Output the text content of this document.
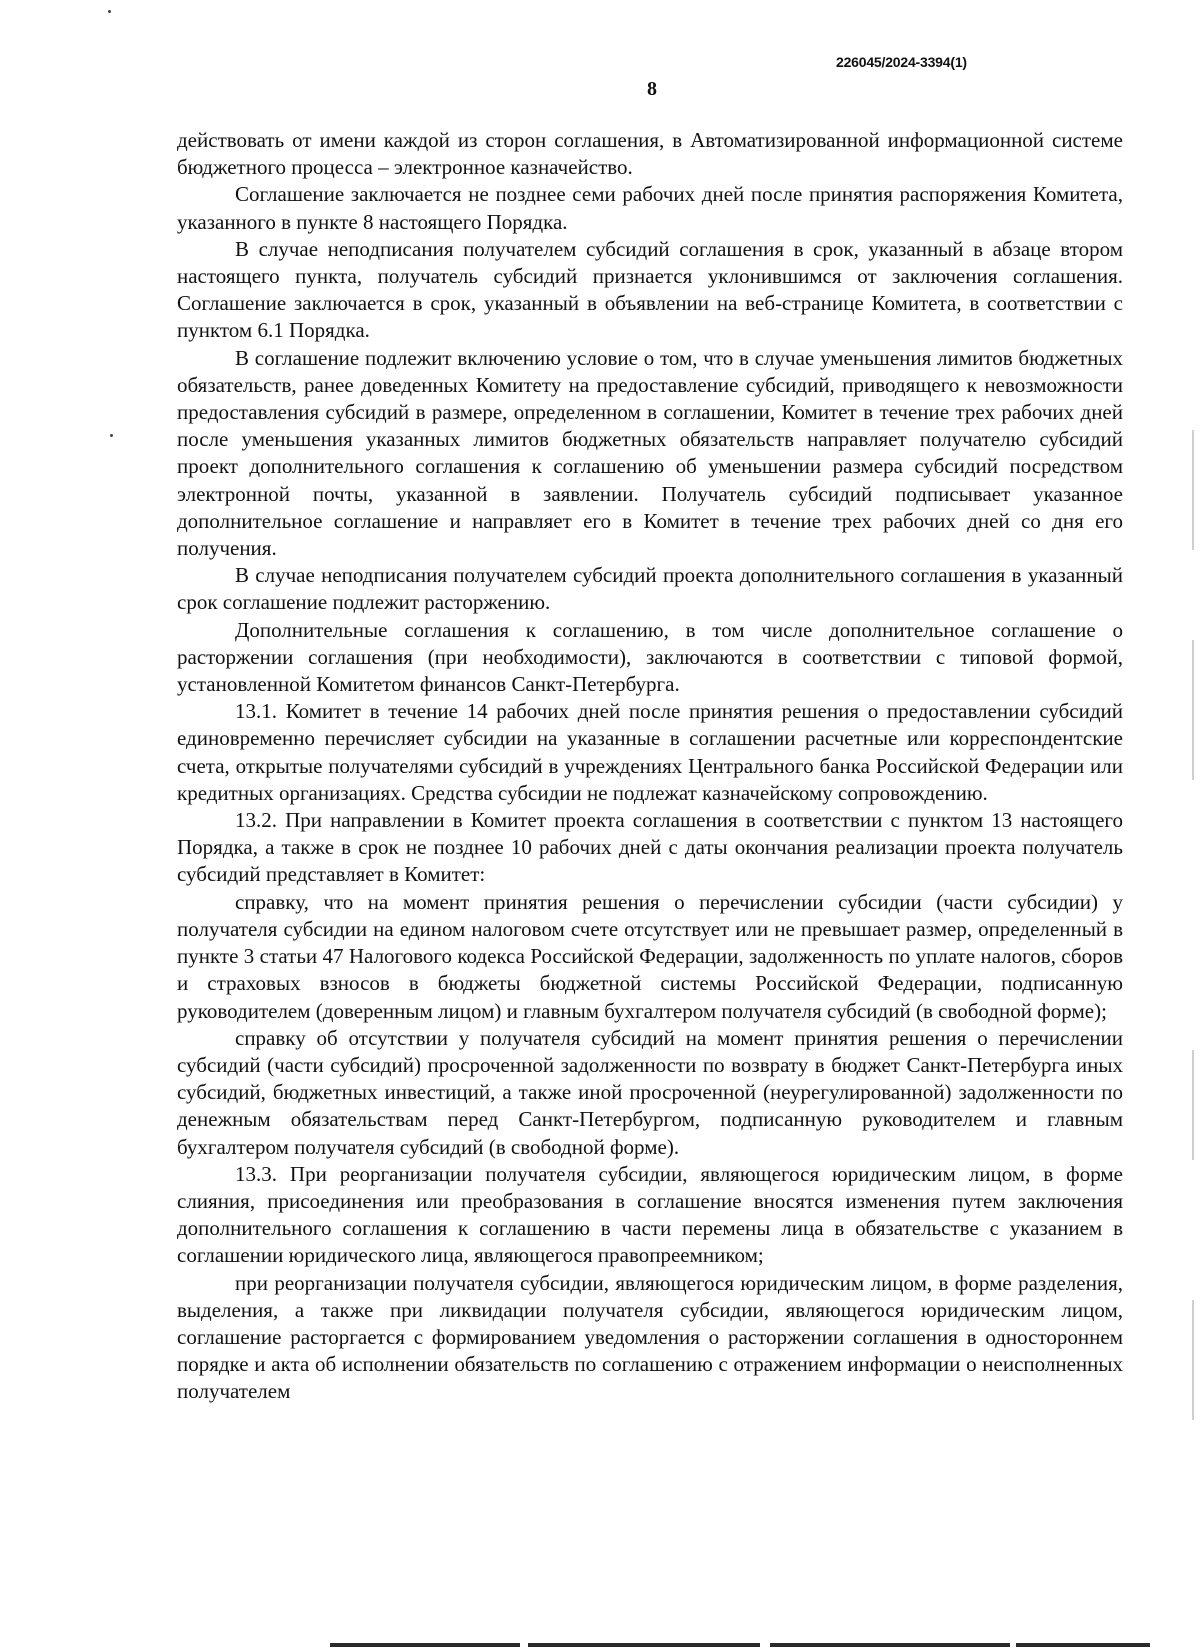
226045/2024-3394(1)
8

действовать от имени каждой из сторон соглашения, в Автоматизированной информационной системе бюджетного процесса – электронное казначейство.

Соглашение заключается не позднее семи рабочих дней после принятия распоряжения Комитета, указанного в пункте 8 настоящего Порядка.

В случае неподписания получателем субсидий соглашения в срок, указанный в абзаце втором настоящего пункта, получатель субсидий признается уклонившимся от заключения соглашения. Соглашение заключается в срок, указанный в объявлении на веб-странице Комитета, в соответствии с пунктом 6.1 Порядка.

В соглашение подлежит включению условие о том, что в случае уменьшения лимитов бюджетных обязательств, ранее доведенных Комитету на предоставление субсидий, приводящего к невозможности предоставления субсидий в размере, определенном в соглашении, Комитет в течение трех рабочих дней после уменьшения указанных лимитов бюджетных обязательств направляет получателю субсидий проект дополнительного соглашения к соглашению об уменьшении размера субсидий посредством электронной почты, указанной в заявлении. Получатель субсидий подписывает указанное дополнительное соглашение и направляет его в Комитет в течение трех рабочих дней со дня его получения.

В случае неподписания получателем субсидий проекта дополнительного соглашения в указанный срок соглашение подлежит расторжению.

Дополнительные соглашения к соглашению, в том числе дополнительное соглашение о расторжении соглашения (при необходимости), заключаются в соответствии с типовой формой, установленной Комитетом финансов Санкт-Петербурга.

13.1. Комитет в течение 14 рабочих дней после принятия решения о предоставлении субсидий единовременно перечисляет субсидии на указанные в соглашении расчетные или корреспондентские счета, открытые получателями субсидий в учреждениях Центрального банка Российской Федерации или кредитных организациях. Средства субсидии не подлежат казначейскому сопровождению.

13.2. При направлении в Комитет проекта соглашения в соответствии с пунктом 13 настоящего Порядка, а также в срок не позднее 10 рабочих дней с даты окончания реализации проекта получатель субсидий представляет в Комитет:

справку, что на момент принятия решения о перечислении субсидии (части субсидии) у получателя субсидии на едином налоговом счете отсутствует или не превышает размер, определенный в пункте 3 статьи 47 Налогового кодекса Российской Федерации, задолженность по уплате налогов, сборов и страховых взносов в бюджеты бюджетной системы Российской Федерации, подписанную руководителем (доверенным лицом) и главным бухгалтером получателя субсидий (в свободной форме);

справку об отсутствии у получателя субсидий на момент принятия решения о перечислении субсидий (части субсидий) просроченной задолженности по возврату в бюджет Санкт-Петербурга иных субсидий, бюджетных инвестиций, а также иной просроченной (неурегулированной) задолженности по денежным обязательствам перед Санкт-Петербургом, подписанную руководителем и главным бухгалтером получателя субсидий (в свободной форме).

13.3. При реорганизации получателя субсидии, являющегося юридическим лицом, в форме слияния, присоединения или преобразования в соглашение вносятся изменения путем заключения дополнительного соглашения к соглашению в части перемены лица в обязательстве с указанием в соглашении юридического лица, являющегося правопреемником;

при реорганизации получателя субсидии, являющегося юридическим лицом, в форме разделения, выделения, а также при ликвидации получателя субсидии, являющегося юридическим лицом, соглашение расторгается с формированием уведомления о расторжении соглашения в одностороннем порядке и акта об исполнении обязательств по соглашению с отражением информации о неисполненных получателем
